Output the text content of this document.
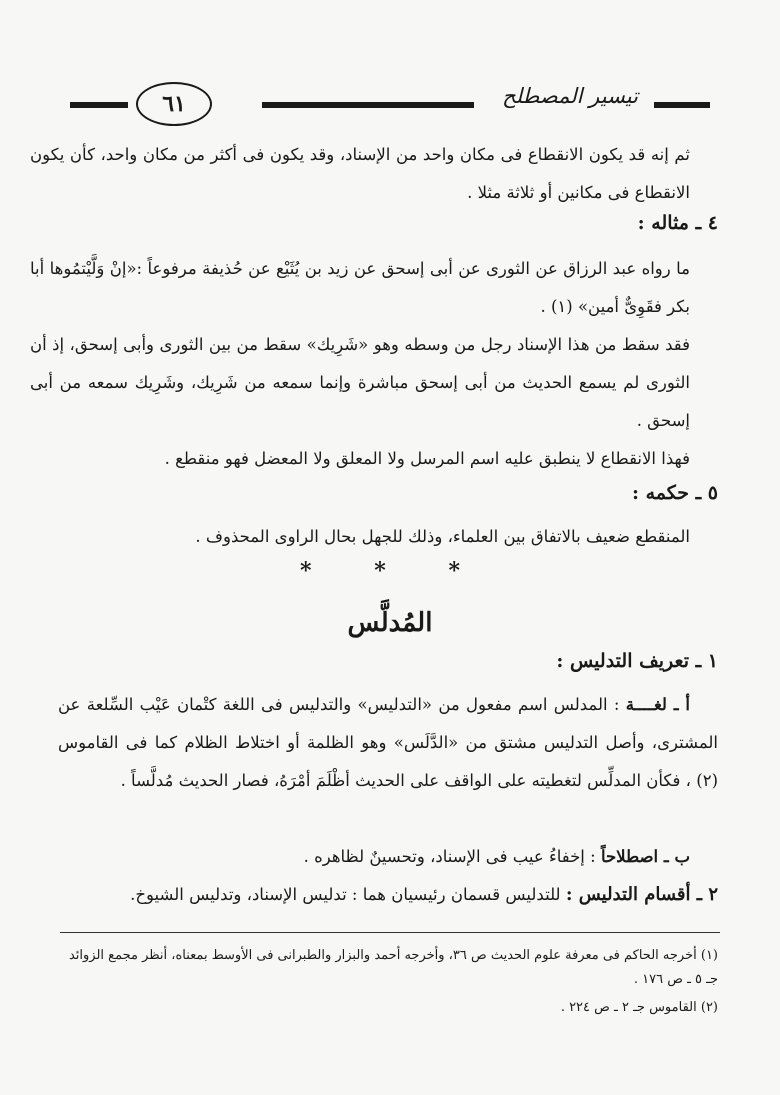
تيسير المصطلح
٦١
ثم إنه قد يكون الانقطاع فى مكان واحد من الإسناد، وقد يكون فى أكثر من مكان واحد، كأن يكون الانقطاع فى مكانين أو ثلاثة مثلا .
٤ ـ مثاله :
ما رواه عبد الرزاق عن الثورى عن أبى إسحق عن زيد بن يُثَيْع عن حُذيفة مرفوعاً :«إنْ وَلَّيْتمُوها أبا بكر فقَوِىٌّ أمين» (١) .
فقد سقط من هذا الإسناد رجل من وسطه وهو «شَرِيك» سقط من بين الثورى وأبى إسحق، إذ أن الثورى لم يسمع الحديث من أبى إسحق مباشرة وإنما سمعه من شَرِيك، وشَرِيك سمعه من أبى إسحق .
فهذا الانقطاع لا ينطبق عليه اسم المرسل ولا المعلق ولا المعضل فهو منقطع .
٥ ـ حكمه :
المنقطع ضعيف بالاتفاق بين العلماء، وذلك للجهل بحال الراوى المحذوف .
*
*
*
المُدلَّس
١ ـ تعريف التدليس :
أ ـ لغــــة : المدلس اسم مفعول من «التدليس» والتدليس فى اللغة كتْمان عَيْب السِّلعة عن المشترى، وأصل التدليس مشتق من «الدَّلَس» وهو الظلمة أو اختلاط الظلام كما فى القاموس (٢) ، فكأن المدلِّس لتغطيته على الواقف على الحديث أظْلَمَ أمْرَهُ، فصار الحديث مُدلَّساً .
ب ـ اصطلاحاً : إخفاءُ عيب فى الإسناد، وتحسينٌ لظاهره .
٢ ـ أقسام التدليس : للتدليس قسمان رئيسيان هما : تدليس الإسناد، وتدليس الشيوخ.
(١) أخرجه الحاكم فى معرفة علوم الحديث ص ٣٦، وأخرجه أحمد والبزار والطبرانى فى الأوسط بمعناه، أنظر مجمع الزوائد جـ ٥ ـ ص ١٧٦ .
(٢) القاموس جـ ٢ ـ ص ٢٢٤ .
